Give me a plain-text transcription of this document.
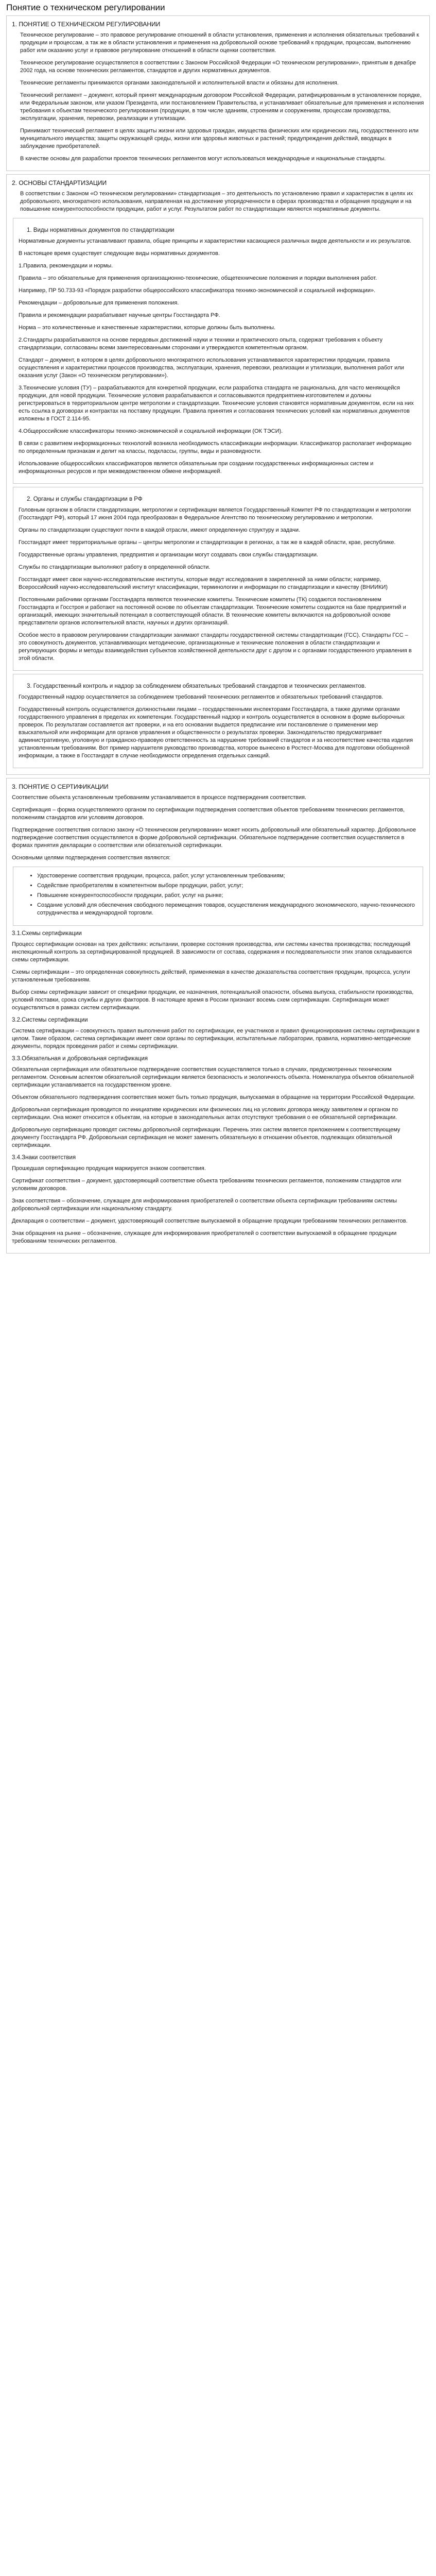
Понятие о техническом регулировании
1. ПОНЯТИЕ О ТЕХНИЧЕСКОМ РЕГУЛИРОВАНИИ

Техническое регулирование – это правовое регулирование отношений в области установления, применения и исполнения обязательных требований к продукции и процессам, а так же в области установления и применения на добровольной основе требований к продукции, процессам, выполнению работ или оказанию услуг и правовое регулирование отношений в области оценки соответствия.

Техническое регулирование осуществляется в соответствии с Законом Российской Федерации «О техническом регулировании», принятым в декабре 2002 года, на основе технических регламентов, стандартов и других нормативных документов.

Технические регламенты принимаются органами законодательной и исполнительной власти и обязаны для исполнения.

Технический регламент – документ, который принят международным договором Российской Федерации, ратифицированным в установленном порядке, или Федеральным законом, или указом Президента, или постановлением Правительства, и устанавливает обязательные для применения и исполнения требования к объектам технического регулирования (продукции, в том числе зданиям, строениям и сооружениям, процессам производства, эксплуатации, хранения, перевозки, реализации и утилизации.

Принимают технический регламент в целях защиты жизни или здоровья граждан, имущества физических или юридических лиц, государственного или муниципального имущества; защиты окружающей среды, жизни или здоровья животных и растений; предупреждения действий, вводящих в заблуждение приобретателей.

В качестве основы для разработки проектов технических регламентов могут использоваться международные и национальные стандарты.

2. ОСНОВЫ СТАНДАРТИЗАЦИИ

В соответствии с Законом «О техническом регулировании» стандартизация – это деятельность по установлению правил и характеристик в целях их добровольного, многократного использования, направленная на достижение упорядоченности в сферах производства и обращения продукции и на повышение конкурентоспособности продукции, работ и услуг. Результатом работ по стандартизации являются нормативные документы.

1. Виды нормативных документов по стандартизации

Нормативные документы устанавливают правила, общие принципы и характеристики касающиеся различных видов деятельности и их результатов.

В настоящее время существует следующие виды нормативных документов.

1.Правила, рекомендации и нормы.

Правила – это обязательные для применения организационно-технические, общетехнические положения и порядки выполнения работ.

Например, ПР 50.733-93 «Порядок разработки общероссийского классификатора технико-экономической и социальной информации».

Рекомендации – добровольные для применения положения.

Правила и рекомендации разрабатывает научные центры Госстандарта РФ.

Норма – это количественные и качественные характеристики, которые должны быть выполнены.

2.Стандарты разрабатываются на основе передовых достижений науки и техники и практического опыта, содержат требования к объекту стандартизации, согласованы всеми заинтересованными сторонами и утверждаются компетентным органом.

Стандарт – документ, в котором в целях добровольного многократного использования устанавливаются характеристики продукции, правила осуществления и характеристики процессов производства, эксплуатации, хранения, перевозки, реализации и утилизации, выполнения работ или оказания услуг (Закон «О техническом регулировании»).

3.Технические условия (ТУ) – разрабатываются для конкретной продукции, если разработка стандарта не рациональна, для часто меняющейся продукции, для новой продукции. Технические условия разрабатываются и согласовываются предприятием-изготовителем и должны регистрироваться в территориальном центре метрологии и стандартизации. Технические условия становятся нормативным документом, если на них есть ссылка в договорах и контрактах на поставку продукции. Правила принятия и согласования технических условий как нормативных документов изложены в ГОСТ 2.114-95.

4.Общероссийские классификаторы технико-экономической и социальной информации (ОК ТЭСИ).

В связи с развитием информационных технологий возникла необходимость классификации информации. Классификатор располагает информацию по определенным признакам и делит на классы, подклассы, группы, виды и разновидности.

Использование общероссийских классификаторов является обязательным при создании государственных информационных систем и информационных ресурсов и при межведомственном обмене информацией.

2. Органы и службы стандартизации в РФ

Головным органом в области стандартизации, метрологии и сертификации является Государственный Комитет РФ по стандартизации и метрологии (Госстандарт РФ), который 17 июня 2004 года преобразован в Федеральное Агентство по техническому регулированию и метрологии.

Органы по стандартизации существуют почти в каждой отрасли, имеют определенную структуру и задачи.

Госстандарт имеет территориальные органы – центры метрологии и стандартизации в регионах, а так же в каждой области, крае, республике.

Государственные органы управления, предприятия и организации могут создавать свои службы стандартизации.

Службы по стандартизации выполняют работу в определенной области.

Госстандарт имеет свои научно-исследовательские институты, которые ведут исследования в закрепленной за ними области; например, Всероссийский научно-исследовательский институт классификации, терминологии и информации по стандартизации и качеству (ВНИИКИ)

Постоянными рабочими органами Госстандарта являются технические комитеты. Технические комитеты (ТК) создаются постановлением Госстандарта и Госстроя и работают на постоянной основе по объектам стандартизации. Технические комитеты создаются на базе предприятий и организаций, имеющих значительный потенциал в соответствующей области. В технические комитеты включаются на добровольной основе представители органов исполнительной власти, научных и других организаций.

Особое место в правовом регулировании стандартизации занимают стандарты государственной системы стандартизации (ГСС). Стандарты ГСС – это совокупность документов, устанавливающих методические, организационные и технические положения в области стандартизации и регулирующих формы и методы взаимодействия субъектов хозяйственной деятельности друг с другом и с органами государственного управления в этой области.

3. Государственный контроль и надзор за соблюдением обязательных требований стандартов и технических регламентов.

Государственный надзор осуществляется за соблюдением требований технических регламентов и обязательных требований стандартов.

Государственный контроль осуществляется должностными лицами – государственными инспекторами Госстандарта, а также другими органами государственного управления в пределах их компетенции. Государственный надзор и контроль осуществляется в основном в форме выборочных проверок. По результатам составляется акт проверки, и на его основании выдается предписание или постановление о применении мер взыскательной или информации для органов управления и общественности о результатах проверки. Законодательство предусматривает административную, уголовную и гражданско-правовую ответственность за нарушение требований стандартов и за несоответствие качества изделия установленным требованиям. Вот пример нарушителя руководство производства, которое вынесено в Ростест-Москва для подготовки обобщенной информации, а также в Госстандарт в случае необходимости определения отдельных санкций.

3. ПОНЯТИЕ О СЕРТИФИКАЦИИ

Соответствие объекта установленным требованиям устанавливается в процессе подтверждения соответствия.

Сертификация – форма осуществляемого органом по сертификации подтверждения соответствия объектов требованиям технических регламентов, положениям стандартов или условиям договоров.

Подтверждение соответствия согласно закону «О техническом регулировании» может носить добровольный или обязательный характер. Добровольное подтверждение соответствия осуществляется в форме добровольной сертификации. Обязательное подтверждение соответствия осуществляется в формах принятия декларации о соответствии или обязательной сертификации.

Основными целями подтверждения соответствия являются:

• Удостоверение соответствия продукции, процесса, работ, услуг установленным требованиям;
• Содействие приобретателям в компетентном выборе продукции, работ, услуг;
• Повышение конкурентоспособности продукции, работ, услуг на рынке;
• Создание условий для обеспечения свободного перемещения товаров, осуществления международного экономического, научно-технического сотрудничества и международной торговли.
3.1.Схемы сертификации

Процесс сертификации основан на трех действиях: испытании, проверке состояния производства, или системы качества производства; последующий инспекционный контроль за сертифицированной продукцией. В зависимости от состава, содержания и последовательности этих этапов складываются схемы сертификации.

Схемы сертификации – это определенная совокупность действий, применяемая в качестве доказательства соответствия продукции, процесса, услуги установленным требованиям.

Выбор схемы сертификации зависит от специфики продукции, ее назначения, потенциальной опасности, объема выпуска, стабильности производства, условий поставки, срока службы и других факторов. В настоящее время в России признают восемь схем сертификации. Сертификация может осуществляться в рамках систем сертификации.

3.2.Системы сертификации

Система сертификации – совокупность правил выполнения работ по сертификации, ее участников и правил функционирования системы сертификации в целом. Такие образом, система сертификации имеет свои органы по сертификации, испытательные лаборатории, правила, нормативно-методические документы, порядок проведения работ и схемы сертификации.

3.3.Обязательная и добровольная сертификация

Обязательная сертификация или обязательное подтверждение соответствия осуществляется только в случаях, предусмотренных техническим регламентом. Основным аспектом обязательной сертификации является безопасность и экологичность объекта. Номенклатура объектов обязательной сертификации устанавливается на государственном уровне.

Объектом обязательного подтверждения соответствия может быть только продукция, выпускаемая в обращение на территории Российской Федерации.

Добровольная сертификация проводится по инициативе юридических или физических лиц на условиях договора между заявителем и органом по сертификации. Она может относится к объектам, на которые в законодательных актах отсутствуют требования о ее обязательной сертификации.

Добровольную сертификацию проводят системы добровольной сертификации. Перечень этих систем является приложением к соответствующему документу Госстандарта РФ. Добровольная сертификация не может заменить обязательную в отношении объектов, подлежащих обязательной сертификации.

3.4.Знаки соответствия

Прошедшая сертификацию продукция маркируется знаком соответствия.

Сертификат соответствия – документ, удостоверяющий соответствие объекта требованиям технических регламентов, положениям стандартов или условиям договоров.

Знак соответствия – обозначение, служащее для информирования приобретателей о соответствии объекта сертификации требованиям системы добровольной сертификации или национальному стандарту.

Декларация о соответствии – документ, удостоверяющий соответствие выпускаемой в обращение продукции требованиям технических регламентов.

Знак обращения на рынке – обозначение, служащее для информирования приобретателей о соответствии выпускаемой в обращение продукции требованиям технических регламентов.
